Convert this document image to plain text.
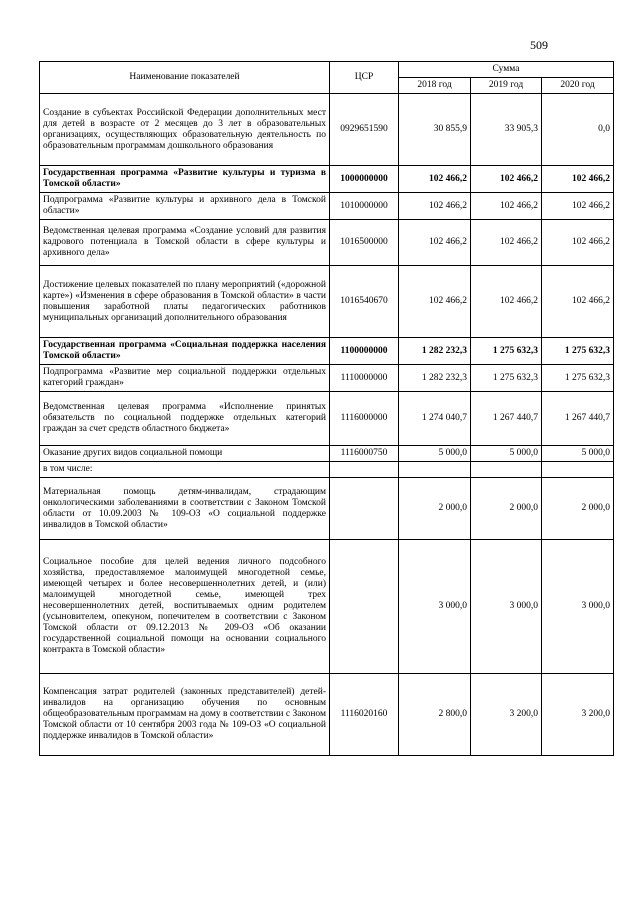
509
Наименование показателей	ЦСР	Сумма		
		2018 год	2019 год	2020 год
Создание в субъектах Российской Федерации дополнительных мест для детей в возрасте от 2 месяцев до 3 лет в образовательных организациях, осуществляющих образовательную деятельность по образовательным программам дошкольного образования	0929651590	30 855,9	33 905,3	0,0
Государственная программа «Развитие культуры и туризма в Томской области»	1000000000	102 466,2	102 466,2	102 466,2
Подпрограмма «Развитие культуры и архивного дела в Томской области»	1010000000	102 466,2	102 466,2	102 466,2
Ведомственная целевая программа «Создание условий для развития кадрового потенциала в Томской области в сфере культуры и архивного дела»	1016500000	102 466,2	102 466,2	102 466,2
Достижение целевых показателей по плану мероприятий («дорожной карте») «Изменения в сфере образования в Томской области» в части повышения заработной платы педагогических работников муниципальных организаций дополнительного образования	1016540670	102 466,2	102 466,2	102 466,2
Государственная программа «Социальная поддержка населения Томской области»	1100000000	1 282 232,3	1 275 632,3	1 275 632,3
Подпрограмма «Развитие мер социальной поддержки отдельных категорий граждан»	1110000000	1 282 232,3	1 275 632,3	1 275 632,3
Ведомственная целевая программа «Исполнение принятых обязательств по социальной поддержке отдельных категорий граждан за счет средств областного бюджета»	1116000000	1 274 040,7	1 267 440,7	1 267 440,7
Оказание других видов социальной помощи	1116000750	5 000,0	5 000,0	5 000,0
в том числе:				
Материальная помощь детям-инвалидам, страдающим онкологическими заболеваниями в соответствии с Законом Томской области от 10.09.2003 № 109-ОЗ «О социальной поддержке инвалидов в Томской области»		2 000,0	2 000,0	2 000,0
Социальное пособие для целей ведения личного подсобного хозяйства, предоставляемое малоимущей многодетной семье, имеющей четырех и более несовершеннолетних детей, и (или) малоимущей многодетной семье, имеющей трех несовершеннолетних детей, воспитываемых одним родителем (усыновителем, опекуном, попечителем в соответствии с Законом Томской области от 09.12.2013 № 209-ОЗ «Об оказании государственной социальной помощи на основании социального контракта в Томской области»		3 000,0	3 000,0	3 000,0
Компенсация затрат родителей (законных представителей) детей-инвалидов на организацию обучения по основным общеобразовательным программам на дому в соответствии с Законом Томской области от 10 сентября 2003 года № 109-ОЗ «О социальной поддержке инвалидов в Томской области»	1116020160	2 800,0	3 200,0	3 200,0
